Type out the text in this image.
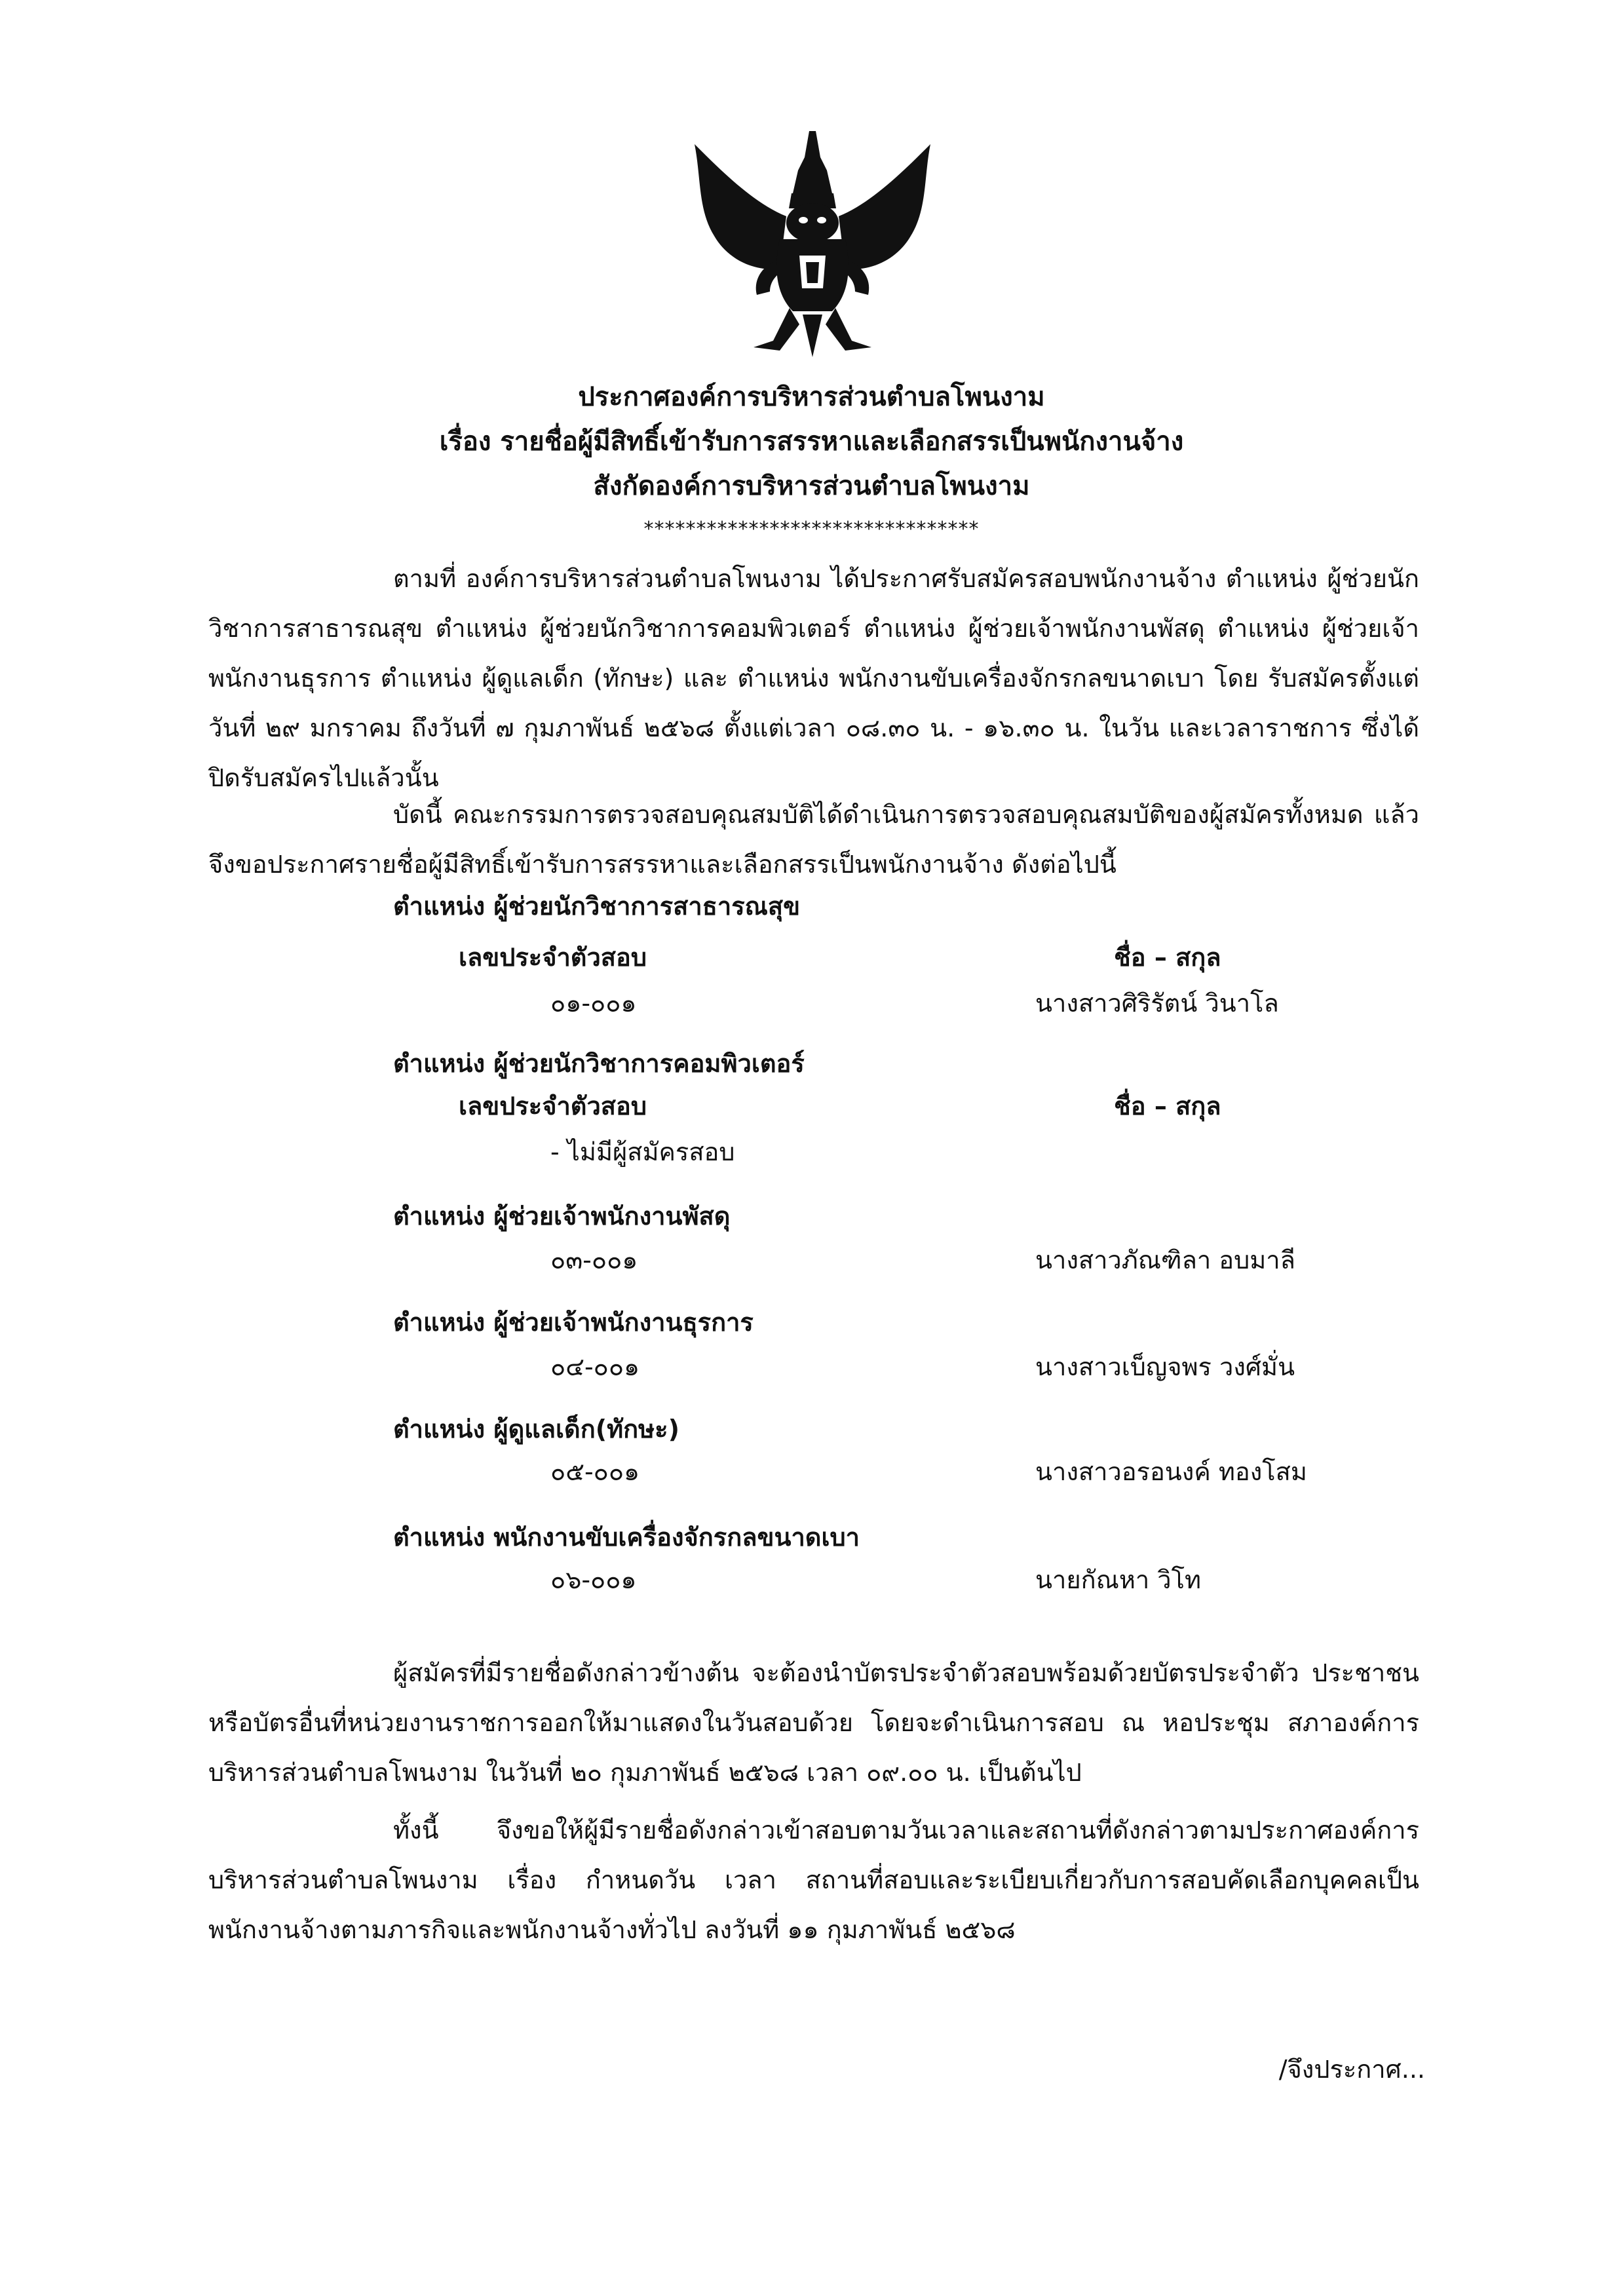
ประกาศองค์การบริหารส่วนตำบลโพนงาม
เรื่อง รายชื่อผู้มีสิทธิ์เข้ารับการสรรหาและเลือกสรรเป็นพนักงานจ้าง
สังกัดองค์การบริหารส่วนตำบลโพนงาม
********************************
ตามที่ องค์การบริหารส่วนตำบลโพนงาม ได้ประกาศรับสมัครสอบพนักงานจ้าง ตำแหน่ง ผู้ช่วยนักวิชาการสาธารณสุข ตำแหน่ง ผู้ช่วยนักวิชาการคอมพิวเตอร์ ตำแหน่ง ผู้ช่วยเจ้าพนักงานพัสดุ ตำแหน่ง ผู้ช่วยเจ้าพนักงานธุรการ ตำแหน่ง ผู้ดูแลเด็ก (ทักษะ) และ ตำแหน่ง พนักงานขับเครื่องจักรกลขนาดเบา โดย รับสมัครตั้งแต่วันที่ ๒๙ มกราคม ถึงวันที่ ๗ กุมภาพันธ์ ๒๕๖๘ ตั้งแต่เวลา ๐๘.๓๐ น. - ๑๖.๓๐ น. ในวัน และเวลาราชการ ซึ่งได้ปิดรับสมัครไปแล้วนั้น
บัดนี้ คณะกรรมการตรวจสอบคุณสมบัติได้ดำเนินการตรวจสอบคุณสมบัติของผู้สมัครทั้งหมด แล้วจึงขอประกาศรายชื่อผู้มีสิทธิ์เข้ารับการสรรหาและเลือกสรรเป็นพนักงานจ้าง ดังต่อไปนี้
ตำแหน่ง ผู้ช่วยนักวิชาการสาธารณสุข
เลขประจำตัวสอบ	ชื่อ – สกุล
๐๑-๐๐๑	นางสาวศิริรัตน์ วินาโล
ตำแหน่ง ผู้ช่วยนักวิชาการคอมพิวเตอร์
เลขประจำตัวสอบ	ชื่อ – สกุล
- ไม่มีผู้สมัครสอบ
ตำแหน่ง ผู้ช่วยเจ้าพนักงานพัสดุ
๐๓-๐๐๑	นางสาวภัณฑิลา อบมาลี
ตำแหน่ง ผู้ช่วยเจ้าพนักงานธุรการ
๐๔-๐๐๑	นางสาวเบ็ญจพร วงศ์มั่น
ตำแหน่ง ผู้ดูแลเด็ก(ทักษะ)
๐๕-๐๐๑	นางสาวอรอนงค์ ทองโสม
ตำแหน่ง พนักงานขับเครื่องจักรกลขนาดเบา
๐๖-๐๐๑	นายกัณหา วิโท
ผู้สมัครที่มีรายชื่อดังกล่าวข้างต้น จะต้องนำบัตรประจำตัวสอบพร้อมด้วยบัตรประจำตัว ประชาชน หรือบัตรอื่นที่หน่วยงานราชการออกให้มาแสดงในวันสอบด้วย โดยจะดำเนินการสอบ ณ หอประชุม สภาองค์การบริหารส่วนตำบลโพนงาม ในวันที่ ๒๐ กุมภาพันธ์ ๒๕๖๘ เวลา ๐๙.๐๐ น. เป็นต้นไป
ทั้งนี้ จึงขอให้ผู้มีรายชื่อดังกล่าวเข้าสอบตามวันเวลาและสถานที่ดังกล่าวตามประกาศองค์การ บริหารส่วนตำบลโพนงาม เรื่อง กำหนดวัน เวลา สถานที่สอบและระเบียบเกี่ยวกับการสอบคัดเลือกบุคคลเป็น พนักงานจ้างตามภารกิจและพนักงานจ้างทั่วไป ลงวันที่ ๑๑ กุมภาพันธ์ ๒๕๖๘
/จึงประกาศ...
